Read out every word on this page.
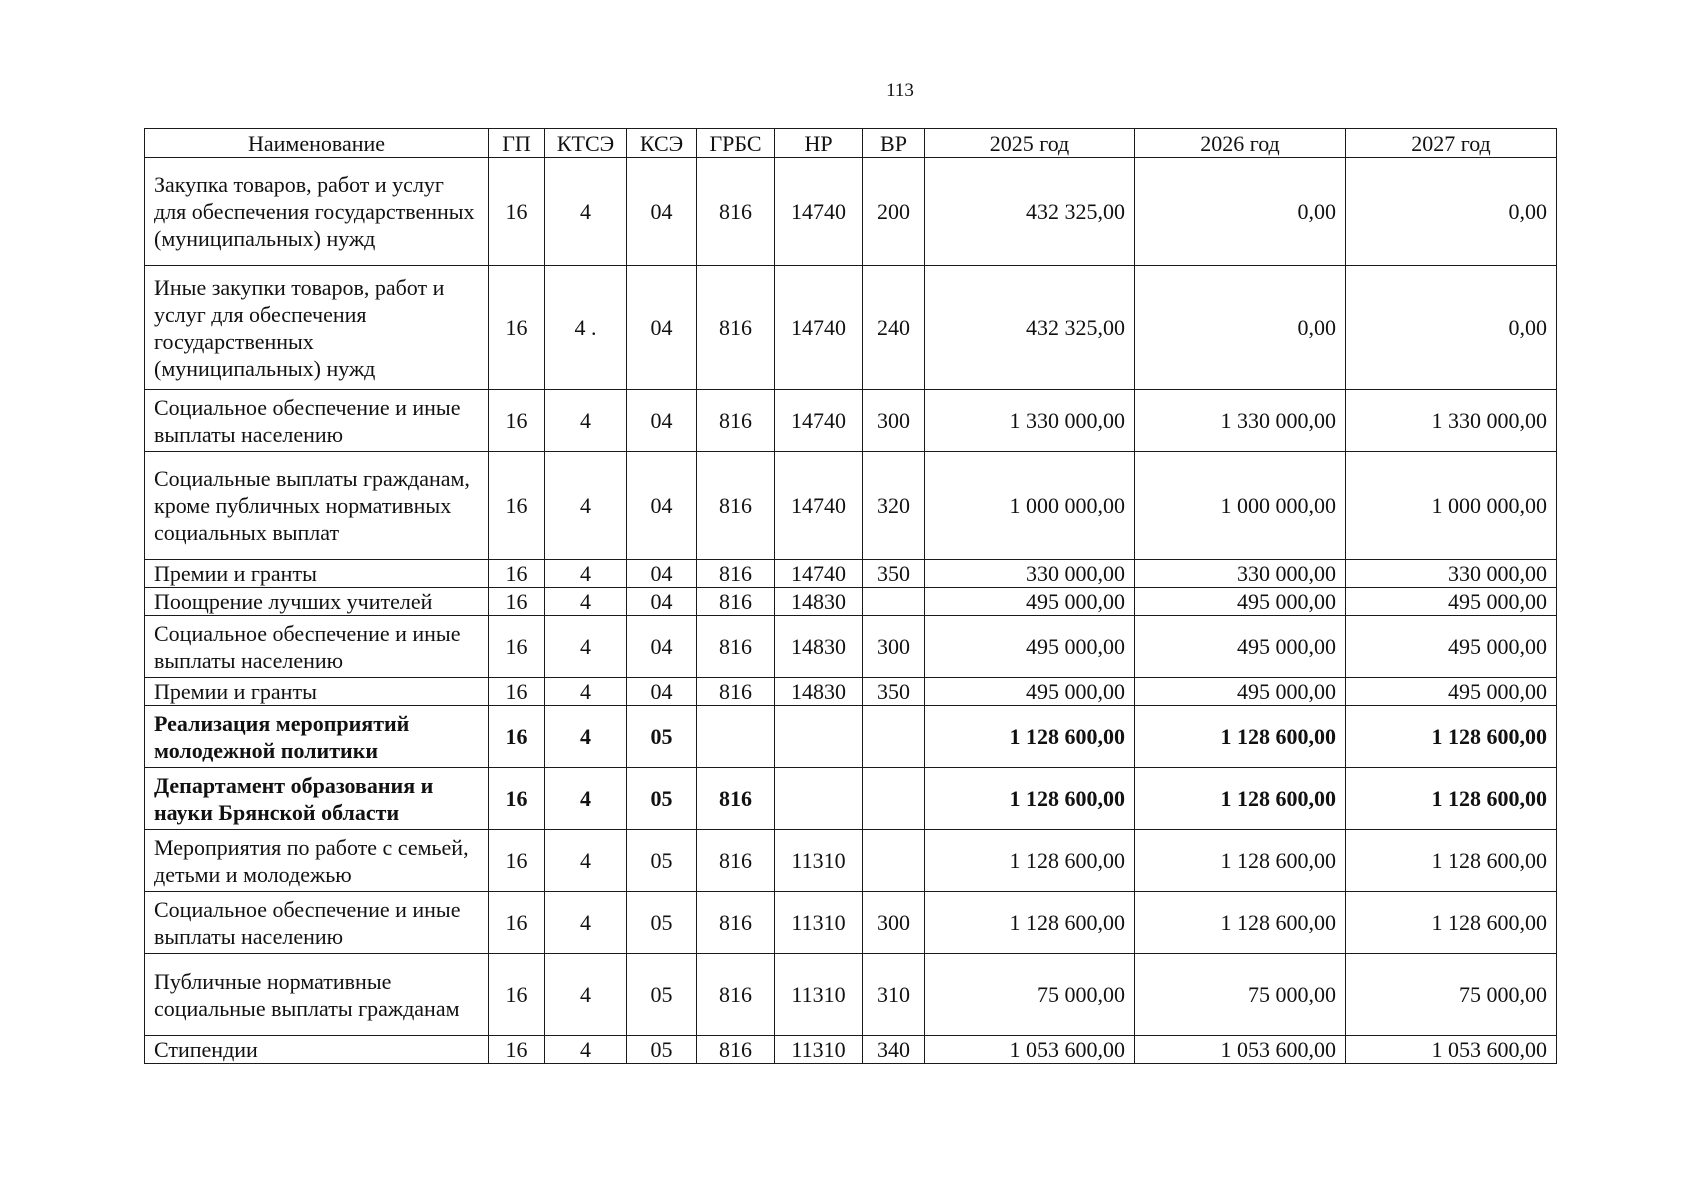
113
Наименование	ГП	КТСЭ	КСЭ	ГРБС	НР	ВР	2025 год	2026 год	2027 год
Закупка товаров, работ и услуг для обеспечения государственных (муниципальных) нужд	16	4	04	816	14740	200	432 325,00	0,00	0,00
Иные закупки товаров, работ и услуг для обеспечения государственных (муниципальных) нужд	16	4 .	04	816	14740	240	432 325,00	0,00	0,00
Социальное обеспечение и иные выплаты населению	16	4	04	816	14740	300	1 330 000,00	1 330 000,00	1 330 000,00
Социальные выплаты гражданам, кроме публичных нормативных социальных выплат	16	4	04	816	14740	320	1 000 000,00	1 000 000,00	1 000 000,00
Премии и гранты	16	4	04	816	14740	350	330 000,00	330 000,00	330 000,00
Поощрение лучших учителей	16	4	04	816	14830		495 000,00	495 000,00	495 000,00
Социальное обеспечение и иные выплаты населению	16	4	04	816	14830	300	495 000,00	495 000,00	495 000,00
Премии и гранты	16	4	04	816	14830	350	495 000,00	495 000,00	495 000,00
Реализация мероприятий молодежной политики	16	4	05				1 128 600,00	1 128 600,00	1 128 600,00
Департамент образования и науки Брянской области	16	4	05	816			1 128 600,00	1 128 600,00	1 128 600,00
Мероприятия по работе с семьей, детьми и молодежью	16	4	05	816	11310		1 128 600,00	1 128 600,00	1 128 600,00
Социальное обеспечение и иные выплаты населению	16	4	05	816	11310	300	1 128 600,00	1 128 600,00	1 128 600,00
Публичные нормативные социальные выплаты гражданам	16	4	05	816	11310	310	75 000,00	75 000,00	75 000,00
Стипендии	16	4	05	816	11310	340	1 053 600,00	1 053 600,00	1 053 600,00
